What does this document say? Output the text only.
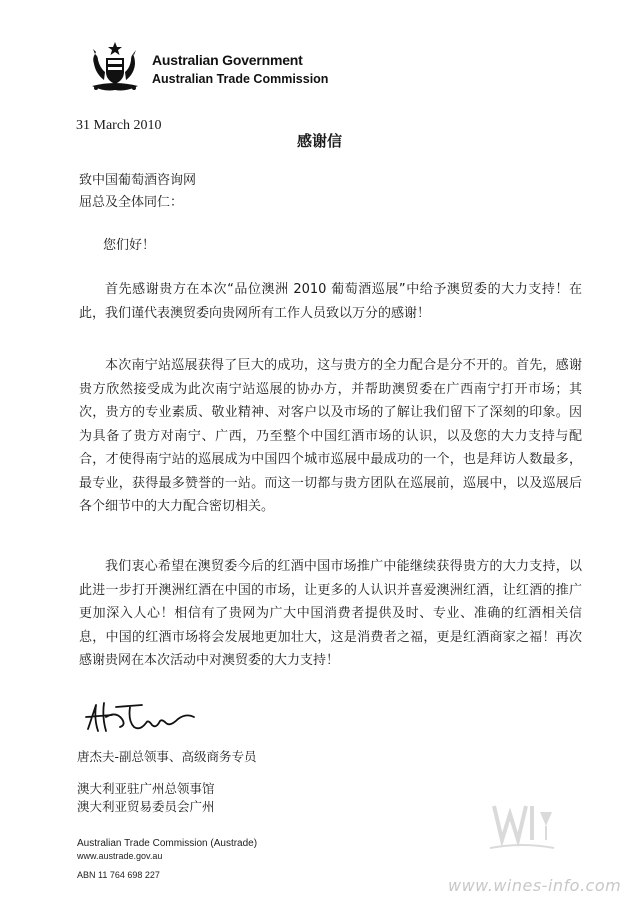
Australian Government
Australian Trade Commission
31 March 2010
感谢信
致中国葡萄酒咨询网
屈总及全体同仁：
您们好！

首先感谢贵方在本次“品位澳洲 2010 葡萄酒巡展”中给予澳贸委的大力支持！在此，我们谨代表澳贸委向贵网所有工作人员致以万分的感谢！

本次南宁站巡展获得了巨大的成功，这与贵方的全力配合是分不开的。首先，感谢贵方欣然接受成为此次南宁站巡展的协办方，并帮助澳贸委在广西南宁打开市场；其次，贵方的专业素质、敬业精神、对客户以及市场的了解让我们留下了深刻的印象。因为具备了贵方对南宁、广西，乃至整个中国红酒市场的认识，以及您的大力支持与配合，才使得南宁站的巡展成为中国四个城市巡展中最成功的一个，也是拜访人数最多，最专业，获得最多赞誉的一站。而这一切都与贵方团队在巡展前，巡展中，以及巡展后各个细节中的大力配合密切相关。

我们衷心希望在澳贸委今后的红酒中国市场推广中能继续获得贵方的大力支持，以此进一步打开澳洲红酒在中国的市场，让更多的人认识并喜爱澳洲红酒，让红酒的推广更加深入人心！相信有了贵网为广大中国消费者提供及时、专业、准确的红酒相关信息，中国的红酒市场将会发展地更加壮大，这是消费者之福，更是红酒商家之福！再次感谢贵网在本次活动中对澳贸委的大力支持！

唐杰夫-副总领事、高级商务专员
澳大利亚驻广州总领事馆
澳大利亚贸易委员会广州
Australian Trade Commission (Austrade)
www.austrade.gov.au
ABN 11 764 698 227
www.wines-info.com
